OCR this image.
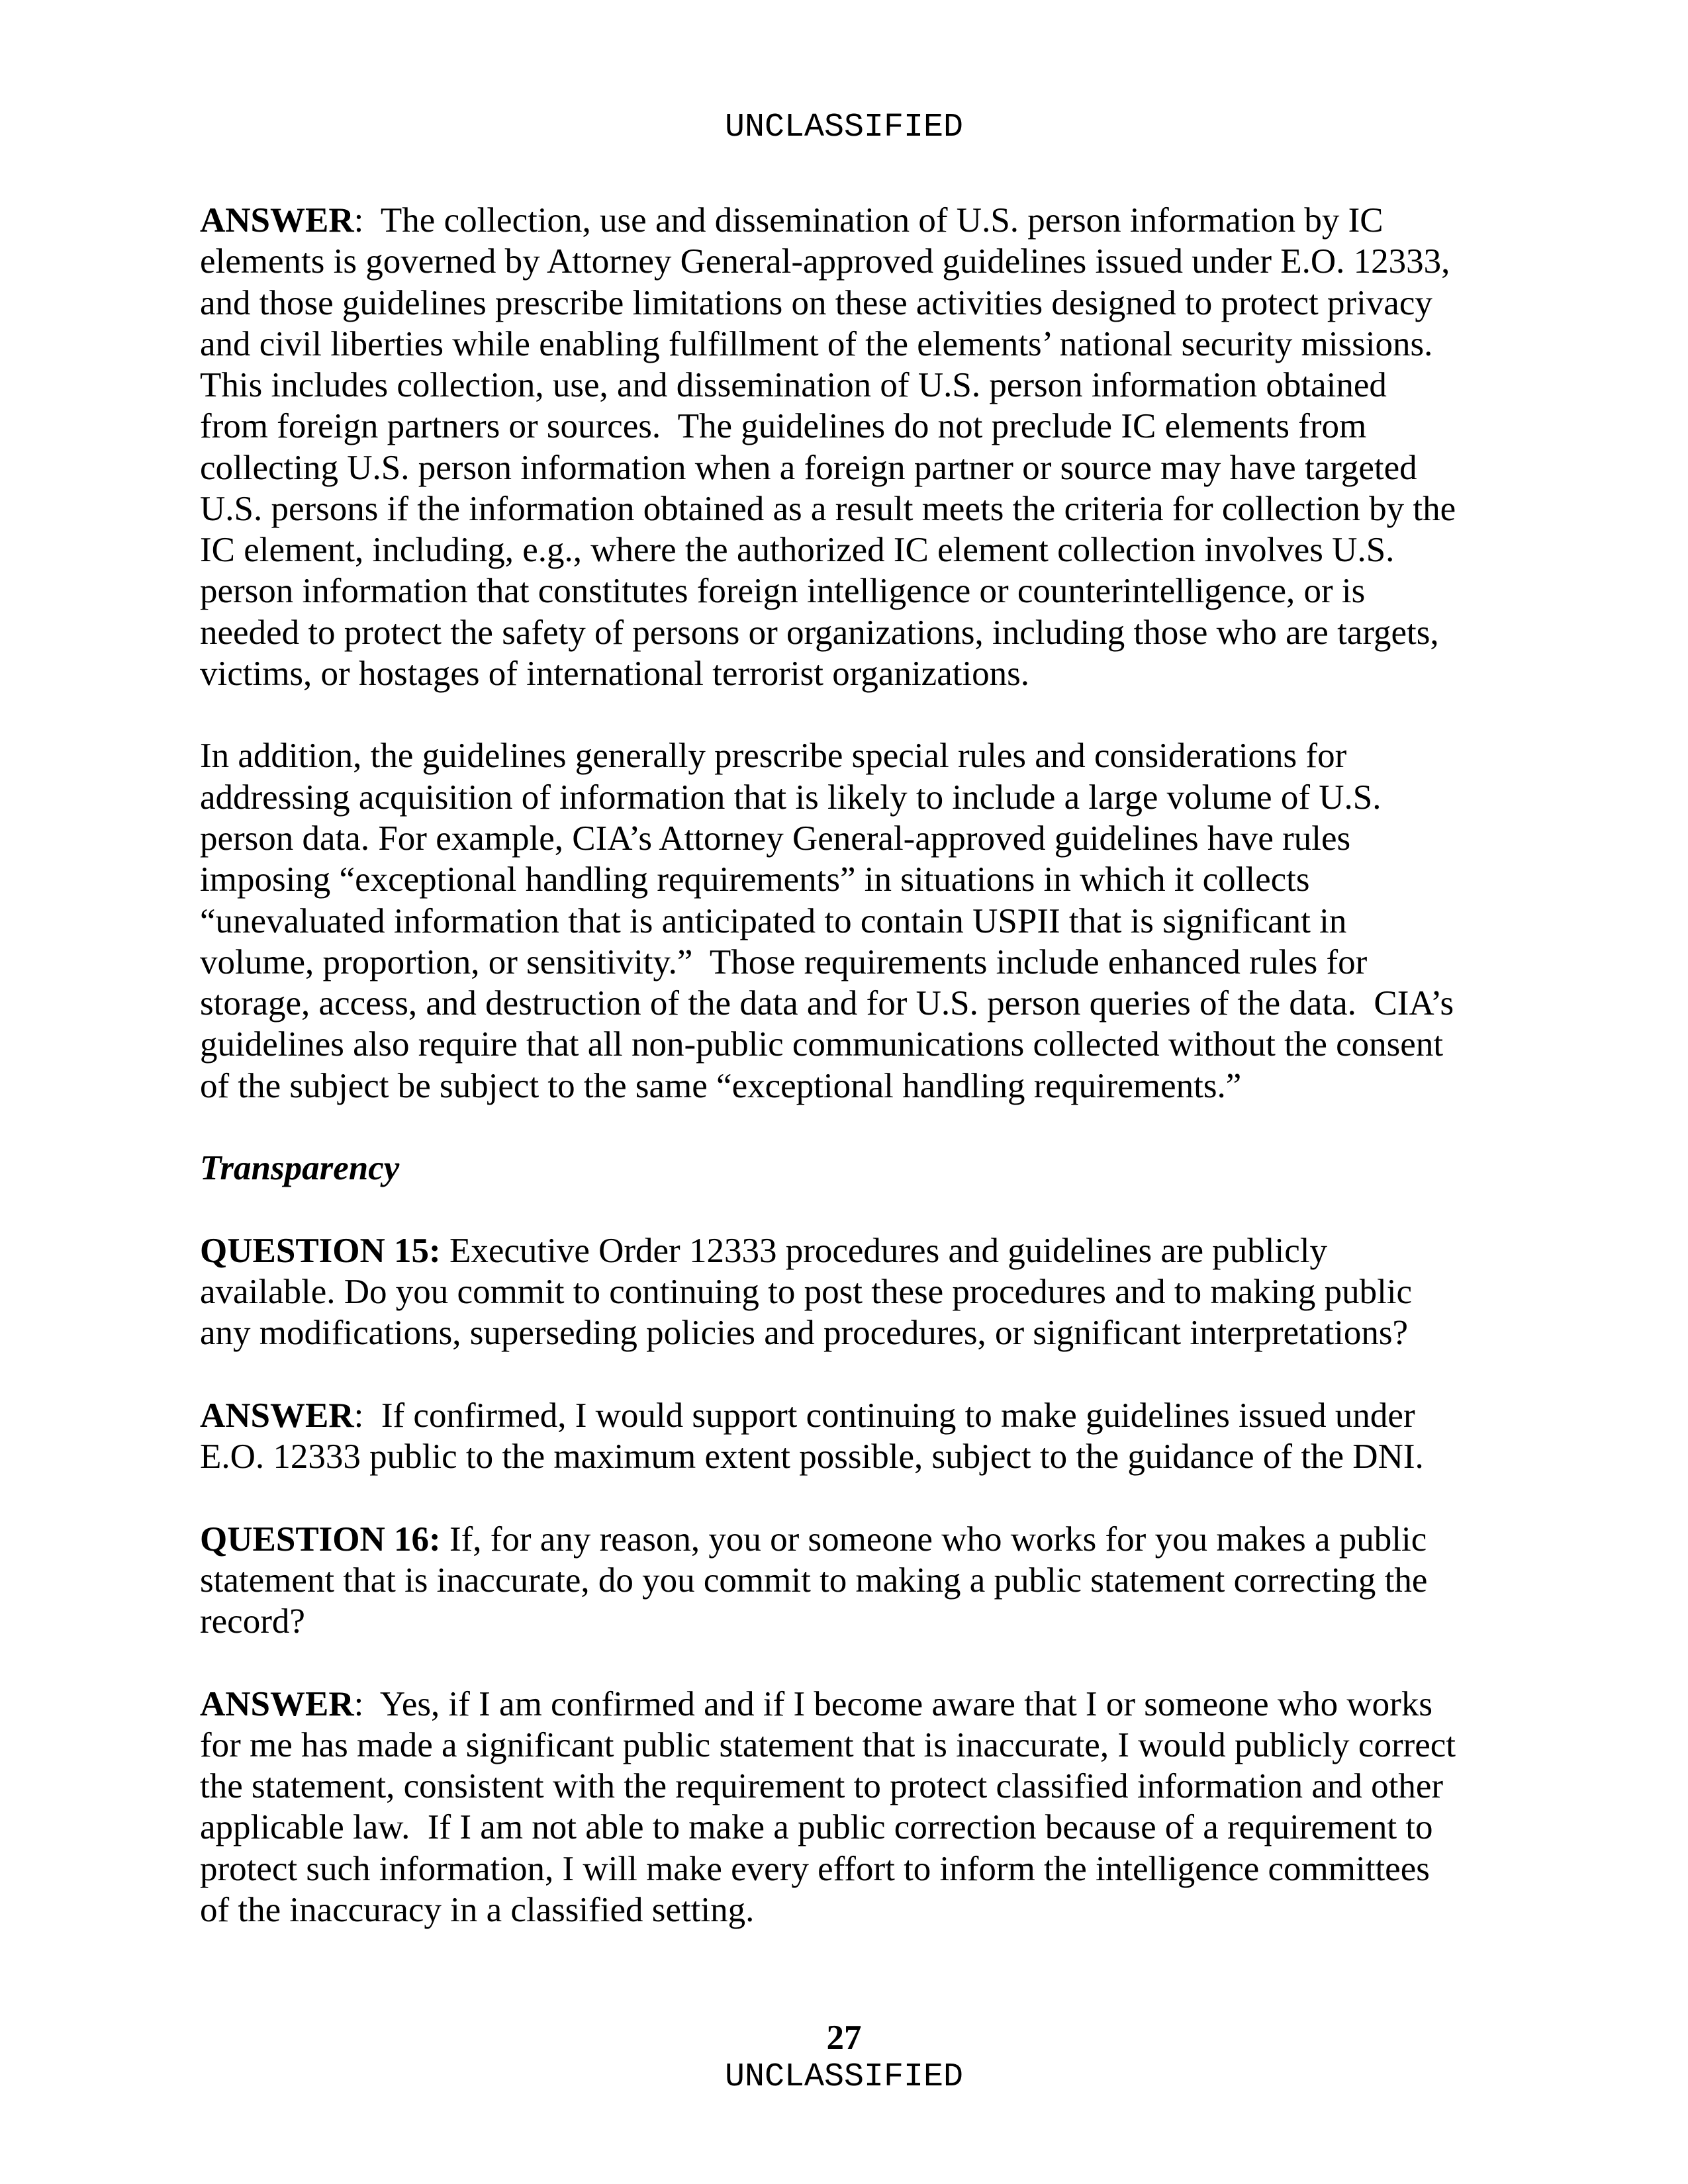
UNCLASSIFIED
ANSWER:  The collection, use and dissemination of U.S. person information by IC
elements is governed by Attorney General-approved guidelines issued under E.O. 12333,
and those guidelines prescribe limitations on these activities designed to protect privacy
and civil liberties while enabling fulfillment of the elements’ national security missions.
This includes collection, use, and dissemination of U.S. person information obtained
from foreign partners or sources.  The guidelines do not preclude IC elements from
collecting U.S. person information when a foreign partner or source may have targeted
U.S. persons if the information obtained as a result meets the criteria for collection by the
IC element, including, e.g., where the authorized IC element collection involves U.S.
person information that constitutes foreign intelligence or counterintelligence, or is
needed to protect the safety of persons or organizations, including those who are targets,
victims, or hostages of international terrorist organizations.
In addition, the guidelines generally prescribe special rules and considerations for
addressing acquisition of information that is likely to include a large volume of U.S.
person data. For example, CIA’s Attorney General-approved guidelines have rules
imposing “exceptional handling requirements” in situations in which it collects
“unevaluated information that is anticipated to contain USPII that is significant in
volume, proportion, or sensitivity.”  Those requirements include enhanced rules for
storage, access, and destruction of the data and for U.S. person queries of the data.  CIA’s
guidelines also require that all non-public communications collected without the consent
of the subject be subject to the same “exceptional handling requirements.”
Transparency
QUESTION 15: Executive Order 12333 procedures and guidelines are publicly
available. Do you commit to continuing to post these procedures and to making public
any modifications, superseding policies and procedures, or significant interpretations?
ANSWER:  If confirmed, I would support continuing to make guidelines issued under
E.O. 12333 public to the maximum extent possible, subject to the guidance of the DNI.
QUESTION 16: If, for any reason, you or someone who works for you makes a public
statement that is inaccurate, do you commit to making a public statement correcting the
record?
ANSWER:  Yes, if I am confirmed and if I become aware that I or someone who works
for me has made a significant public statement that is inaccurate, I would publicly correct
the statement, consistent with the requirement to protect classified information and other
applicable law.  If I am not able to make a public correction because of a requirement to
protect such information, I will make every effort to inform the intelligence committees
of the inaccuracy in a classified setting.
27
UNCLASSIFIED
